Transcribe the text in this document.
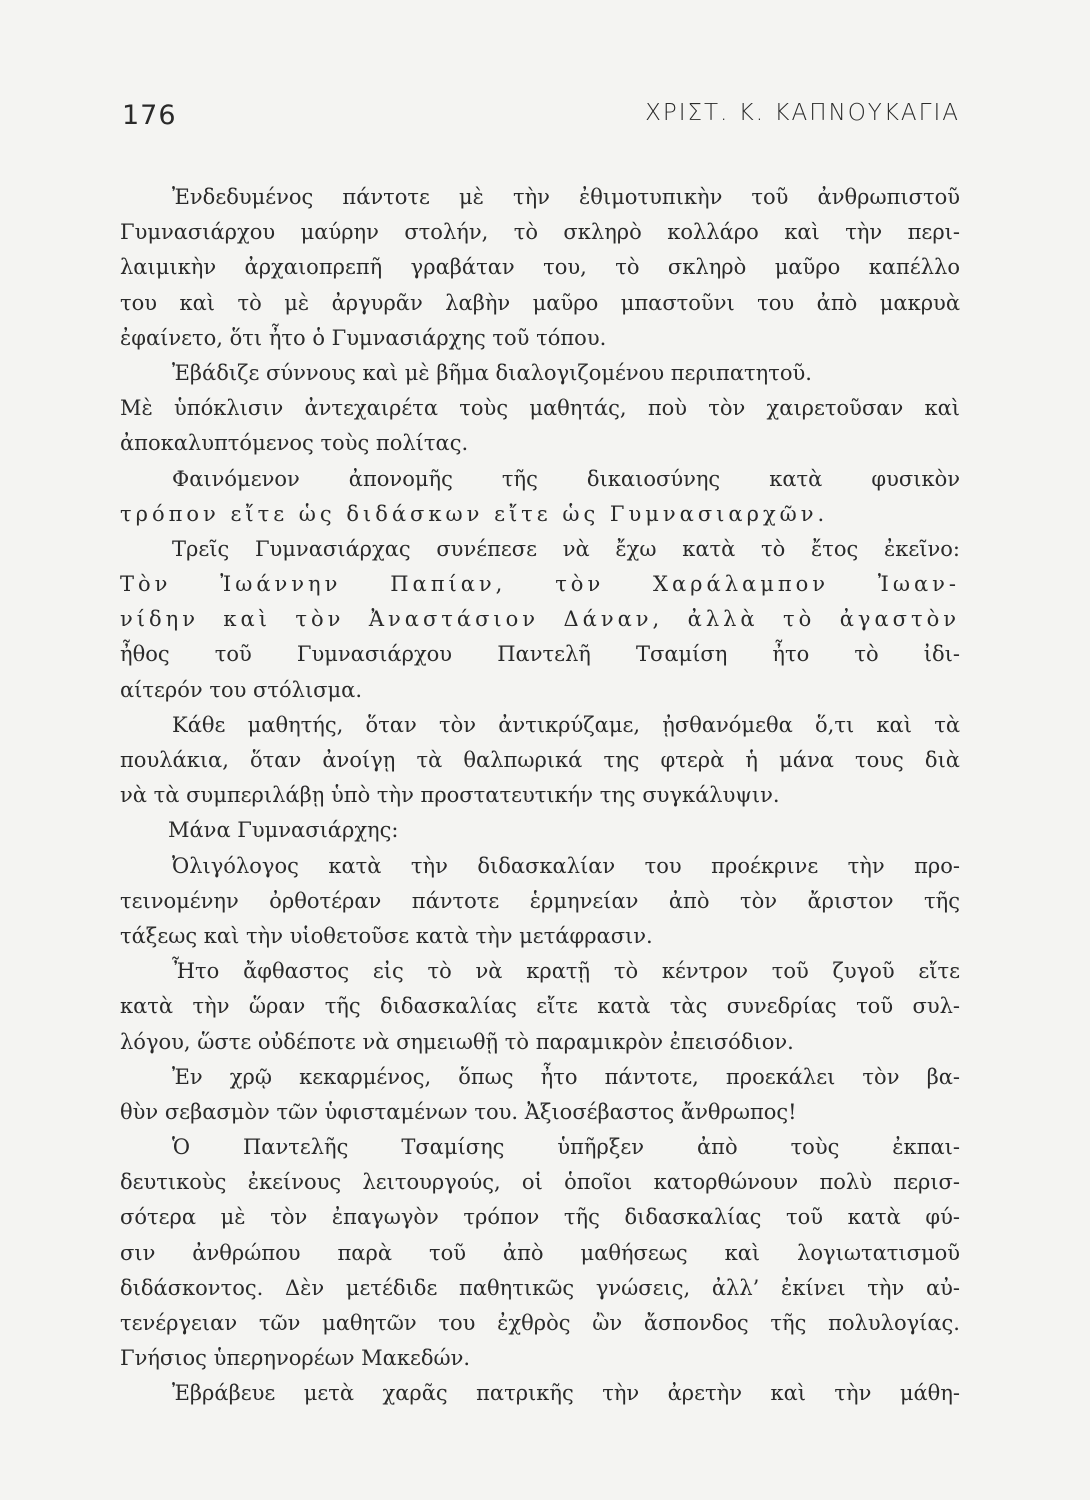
176	ΧΡΙΣΤ. Κ. ΚΑΠΝΟΥΚΑΓΙΑ
Ἐνδεδυμένος πάντοτε μὲ τὴν ἐθιμοτυπικὴν τοῦ ἀνθρωπιστοῦ
Γυμνασιάρχου μαύρην στολήν, τὸ σκληρὸ κολλάρο καὶ τὴν περι-
λαιμικὴν ἀρχαιοπρεπῆ γραβάταν του, τὸ σκληρὸ μαῦρο καπέλλο
του καὶ τὸ μὲ ἀργυρᾶν λαβὴν μαῦρο μπαστοῦνι του ἀπὸ μακρυὰ
ἐφαίνετο, ὅτι ἦτο ὁ Γυμνασιάρχης τοῦ τόπου.
Ἐβάδιζε σύννους καὶ μὲ βῆμα διαλογιζομένου περιπατητοῦ.
Μὲ ὑπόκλισιν ἀντεχαιρέτα τοὺς μαθητάς, ποὺ τὸν χαιρετοῦσαν καὶ
ἀποκαλυπτόμενος τοὺς πολίτας.
Φαινόμενον ἀπονομῆς τῆς δικαιοσύνης κατὰ φυσικὸν
τρόπον εἴτε ὡς διδάσκων εἴτε ὡς Γυμνασιαρχῶν.
Τρεῖς Γυμνασιάρχας συνέπεσε νὰ ἔχω κατὰ τὸ ἔτος ἐκεῖνο:
Τὸν Ἰωάννην Παπίαν, τὸν Χαράλαμπον Ἰωαν-
νίδην καὶ τὸν Ἀναστάσιον Δάναν, ἀλλὰ τὸ ἀγαστὸν
ἦθος τοῦ Γυμνασιάρχου Παντελῆ Τσαμίση ἦτο τὸ ἰδι-
αίτερόν του στόλισμα.
Κάθε μαθητής, ὅταν τὸν ἀντικρύζαμε, ᾐσθανόμεθα ὅ,τι καὶ τὰ
πουλάκια, ὅταν ἀνοίγῃ τὰ θαλπωρικά της φτερὰ ἡ μάνα τους διὰ
νὰ τὰ συμπεριλάβῃ ὑπὸ τὴν προστατευτικήν της συγκάλυψιν.
Μάνα Γυμνασιάρχης:
Ὀλιγόλογος κατὰ τὴν διδασκαλίαν του προέκρινε τὴν προ-
τεινομένην ὀρθοτέραν πάντοτε ἑρμηνείαν ἀπὸ τὸν ἄριστον τῆς
τάξεως καὶ τὴν υἱοθετοῦσε κατὰ τὴν μετάφρασιν.
Ἦτο ἄφθαστος εἰς τὸ νὰ κρατῇ τὸ κέντρον τοῦ ζυγοῦ εἴτε
κατὰ τὴν ὥραν τῆς διδασκαλίας εἴτε κατὰ τὰς συνεδρίας τοῦ συλ-
λόγου, ὥστε οὐδέποτε νὰ σημειωθῇ τὸ παραμικρὸν ἐπεισόδιον.
Ἐν χρῷ κεκαρμένος, ὅπως ἦτο πάντοτε, προεκάλει τὸν βα-
θὺν σεβασμὸν τῶν ὑφισταμένων του. Ἀξιοσέβαστος ἄνθρωπος!
Ὁ Παντελῆς Τσαμίσης ὑπῆρξεν ἀπὸ τοὺς ἐκπαι-
δευτικοὺς ἐκείνους λειτουργούς, οἱ ὁποῖοι κατορθώνουν πολὺ περισ-
σότερα μὲ τὸν ἐπαγωγὸν τρόπον τῆς διδασκαλίας τοῦ κατὰ φύ-
σιν ἀνθρώπου παρὰ τοῦ ἀπὸ μαθήσεως καὶ λογιωτατισμοῦ
διδάσκοντος. Δὲν μετέδιδε παθητικῶς γνώσεις, ἀλλ’ ἐκίνει τὴν αὐ-
τενέργειαν τῶν μαθητῶν του ἐχθρὸς ὢν ἄσπονδος τῆς πολυλογίας.
Γνήσιος ὑπερηνορέων Μακεδών.
Ἐβράβευε μετὰ χαρᾶς πατρικῆς τὴν ἀρετὴν καὶ τὴν μάθη-
